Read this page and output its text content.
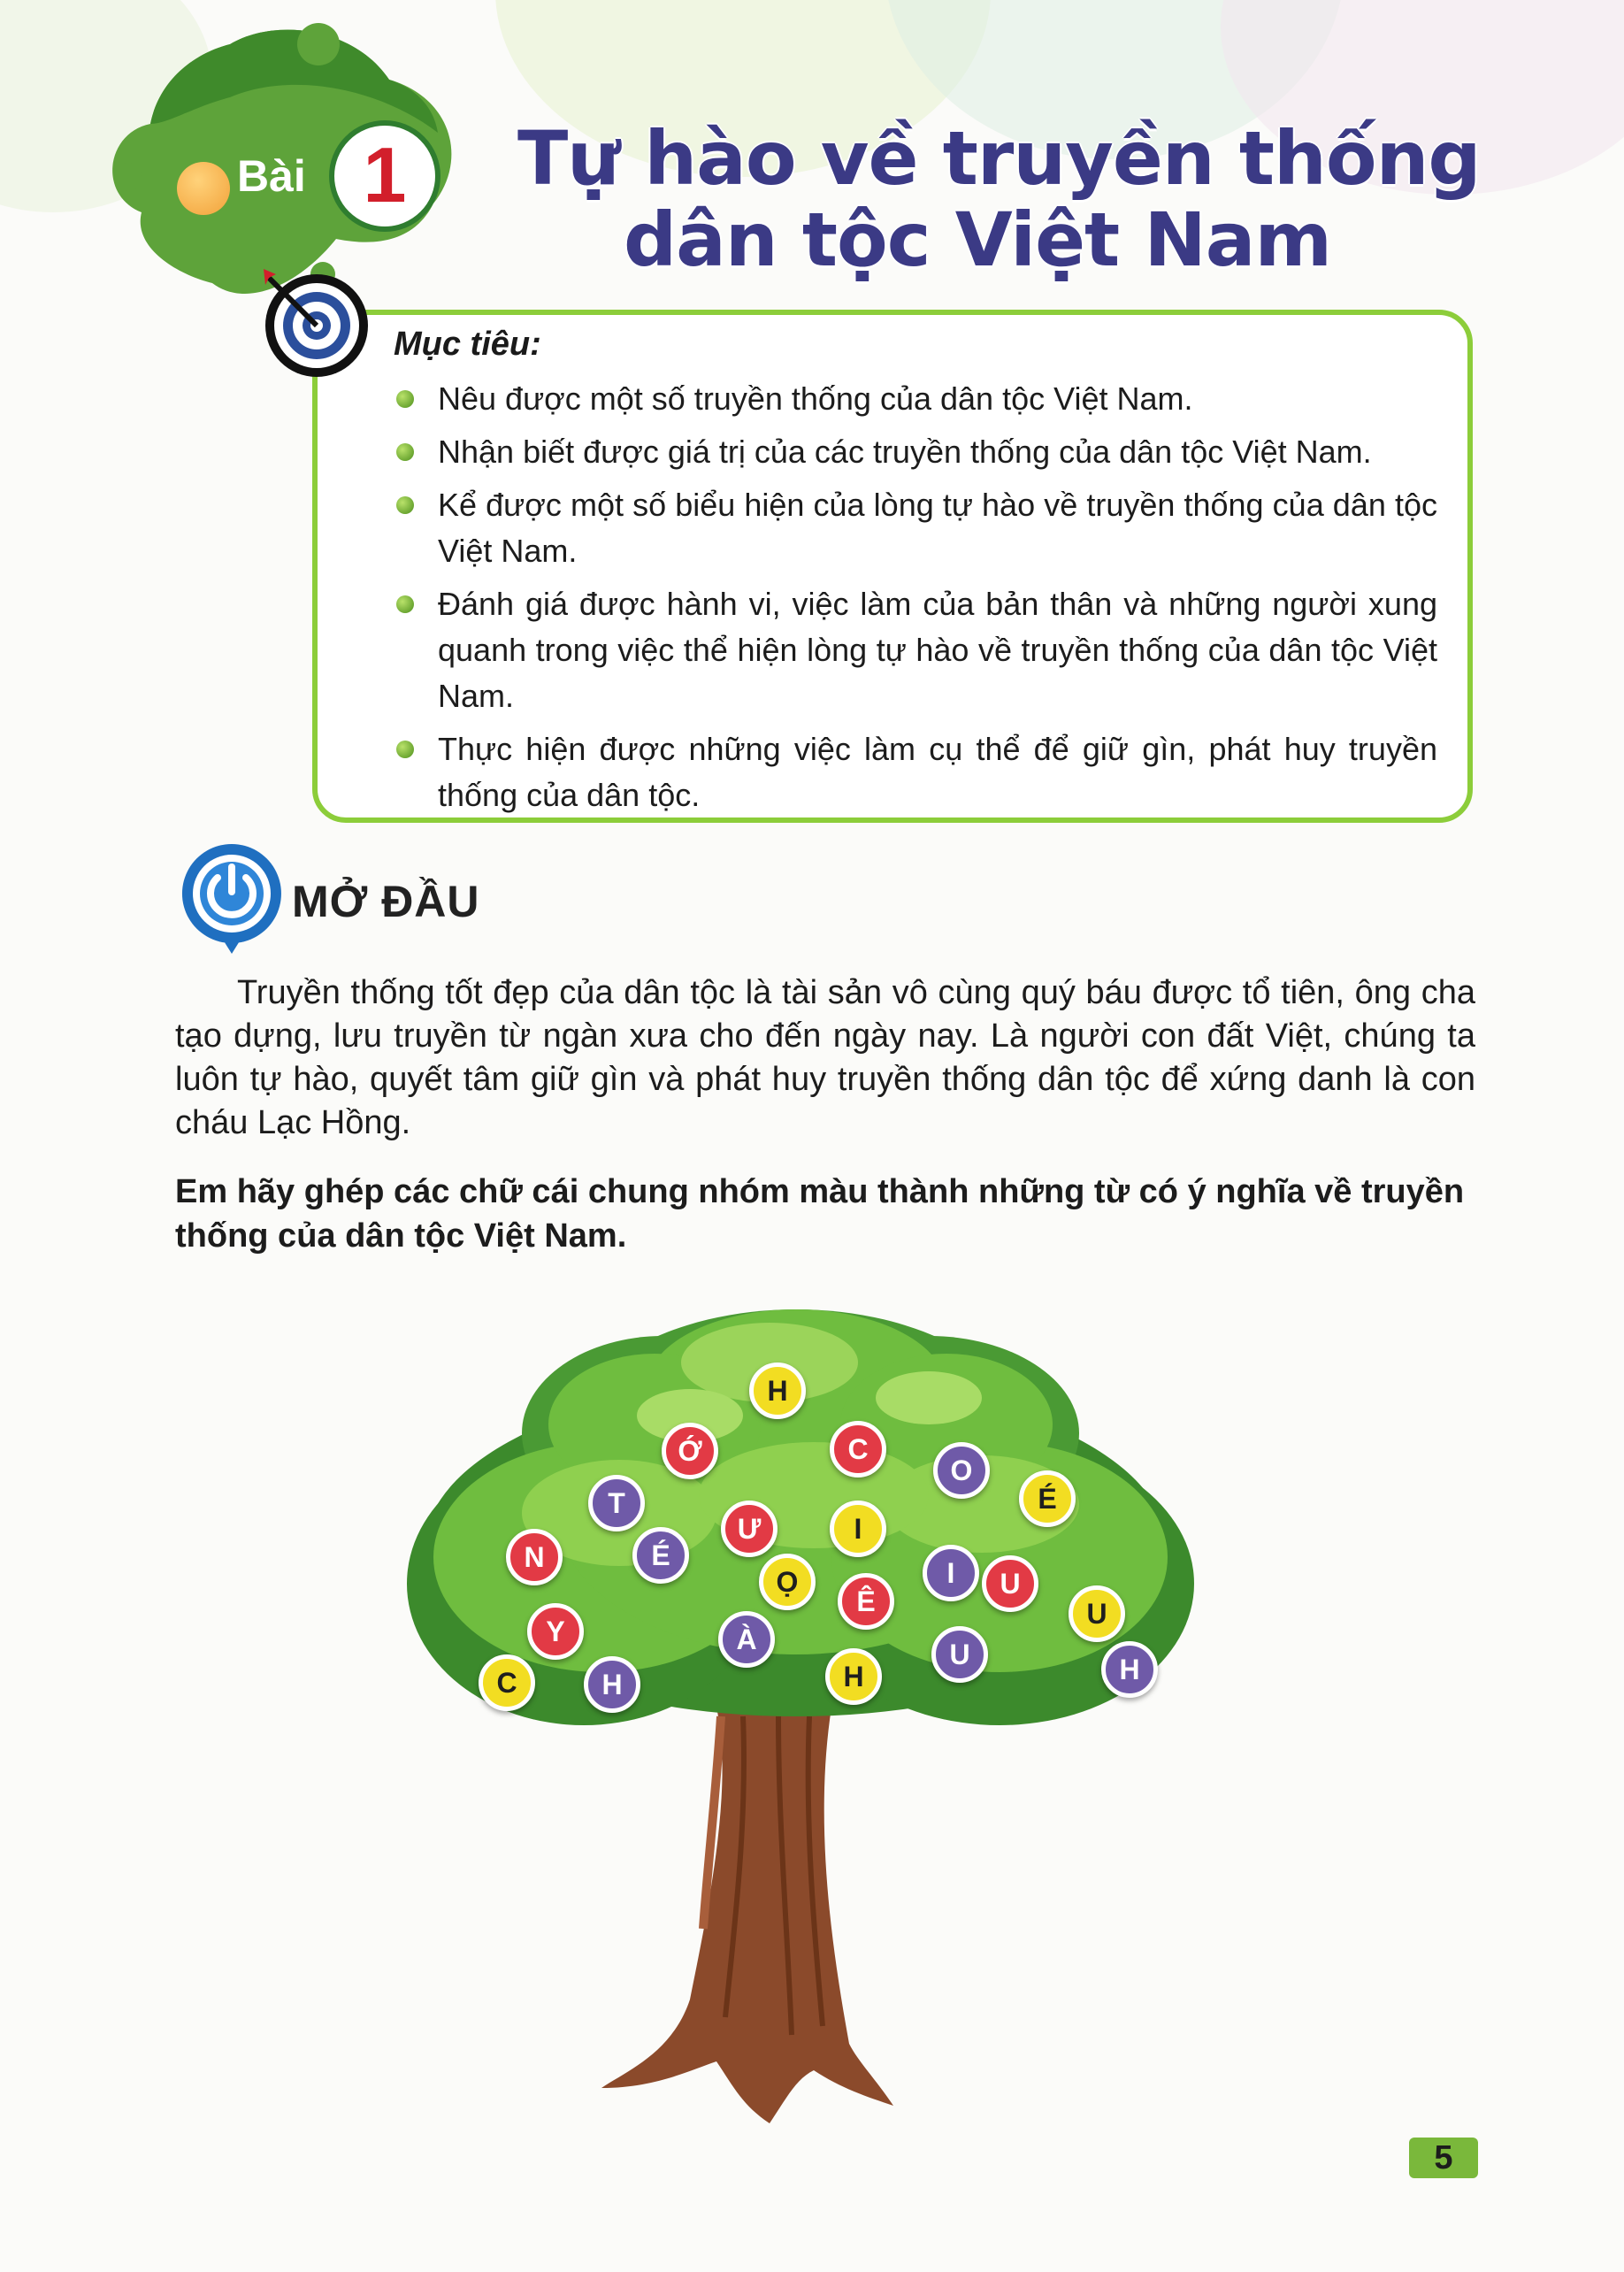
Bài 1	Tự hào về truyền thống
dân tộc Việt Nam
Mục tiêu:
Nêu được một số truyền thống của dân tộc Việt Nam.
Nhận biết được giá trị của các truyền thống của dân tộc Việt Nam.
Kể được một số biểu hiện của lòng tự hào về truyền thống của dân tộc Việt Nam.
Đánh giá được hành vi, việc làm của bản thân và những người xung quanh trong việc thể hiện lòng tự hào về truyền thống của dân tộc Việt Nam.
Thực hiện được những việc làm cụ thể để giữ gìn, phát huy truyền thống của dân tộc.
MỞ ĐẦU

Truyền thống tốt đẹp của dân tộc là tài sản vô cùng quý báu được tổ tiên, ông cha tạo dựng, lưu truyền từ ngàn xưa cho đến ngày nay. Là người con đất Việt, chúng ta luôn tự hào, quyết tâm giữ gìn và phát huy truyền thống dân tộc để xứng danh là con cháu Lạc Hồng.

Em hãy ghép các chữ cái chung nhóm màu thành những từ có ý nghĩa về truyền thống của dân tộc Việt Nam.

H
Ớ	C
O
É
T
Ư	I
N	É
Ọ
Ê
I	U
U
Y	À	U	H
C	H	H
5
